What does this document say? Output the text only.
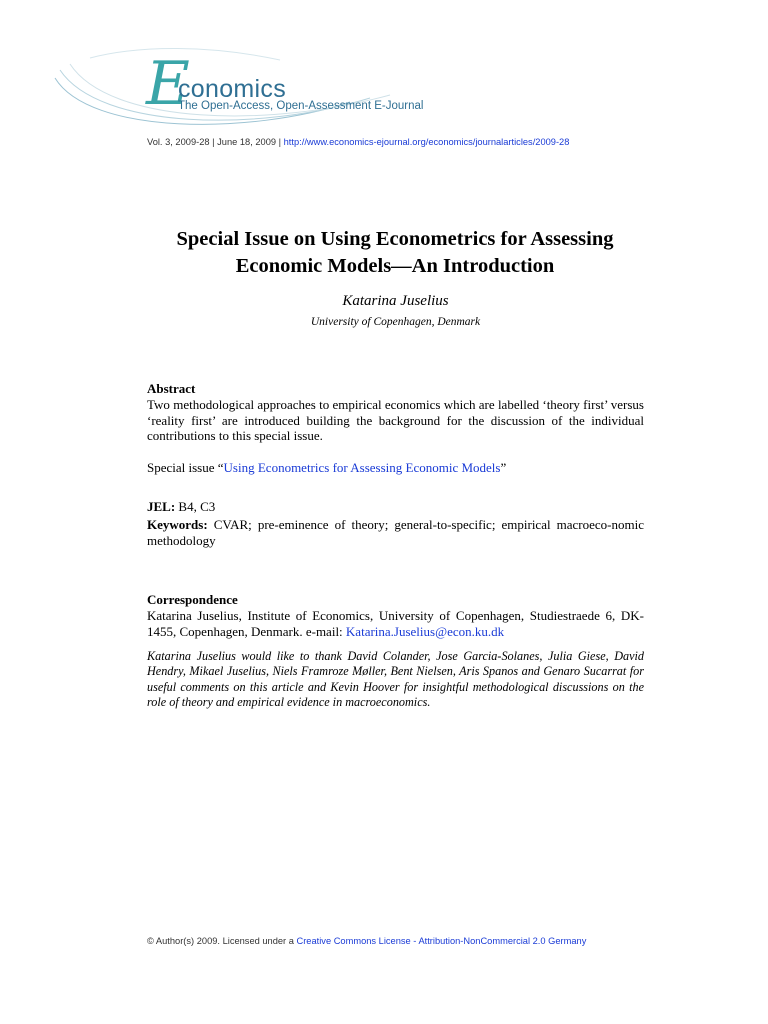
E
conomics
The Open-Access, Open-Assessment E-Journal
Vol. 3, 2009-28 | June 18, 2009 | http://www.economics-ejournal.org/economics/journalarticles/2009-28
Special Issue on Using Econometrics for Assessing
Economic Models—An Introduction
Katarina Juselius
University of Copenhagen, Denmark
Abstract
Two methodological approaches to empirical economics which are labelled ‘theory first’ versus ‘reality first’ are introduced building the background for the discussion of the individual contributions to this special issue.
Special issue “Using Econometrics for Assessing Economic Models”
JEL: B4, C3
Keywords: CVAR; pre-eminence of theory; general-to-specific; empirical macroeco-nomic methodology
Correspondence
Katarina Juselius, Institute of Economics, University of Copenhagen, Studiestraede 6, DK-1455, Copenhagen, Denmark. e-mail: Katarina.Juselius@econ.ku.dk
Katarina Juselius would like to thank David Colander, Jose Garcia-Solanes, Julia Giese, David Hendry, Mikael Juselius, Niels Framroze Møller, Bent Nielsen, Aris Spanos and Genaro Sucarrat for useful comments on this article and Kevin Hoover for insightful methodological discussions on the role of theory and empirical evidence in macroeconomics.
© Author(s) 2009. Licensed under a Creative Commons License - Attribution-NonCommercial 2.0 Germany
